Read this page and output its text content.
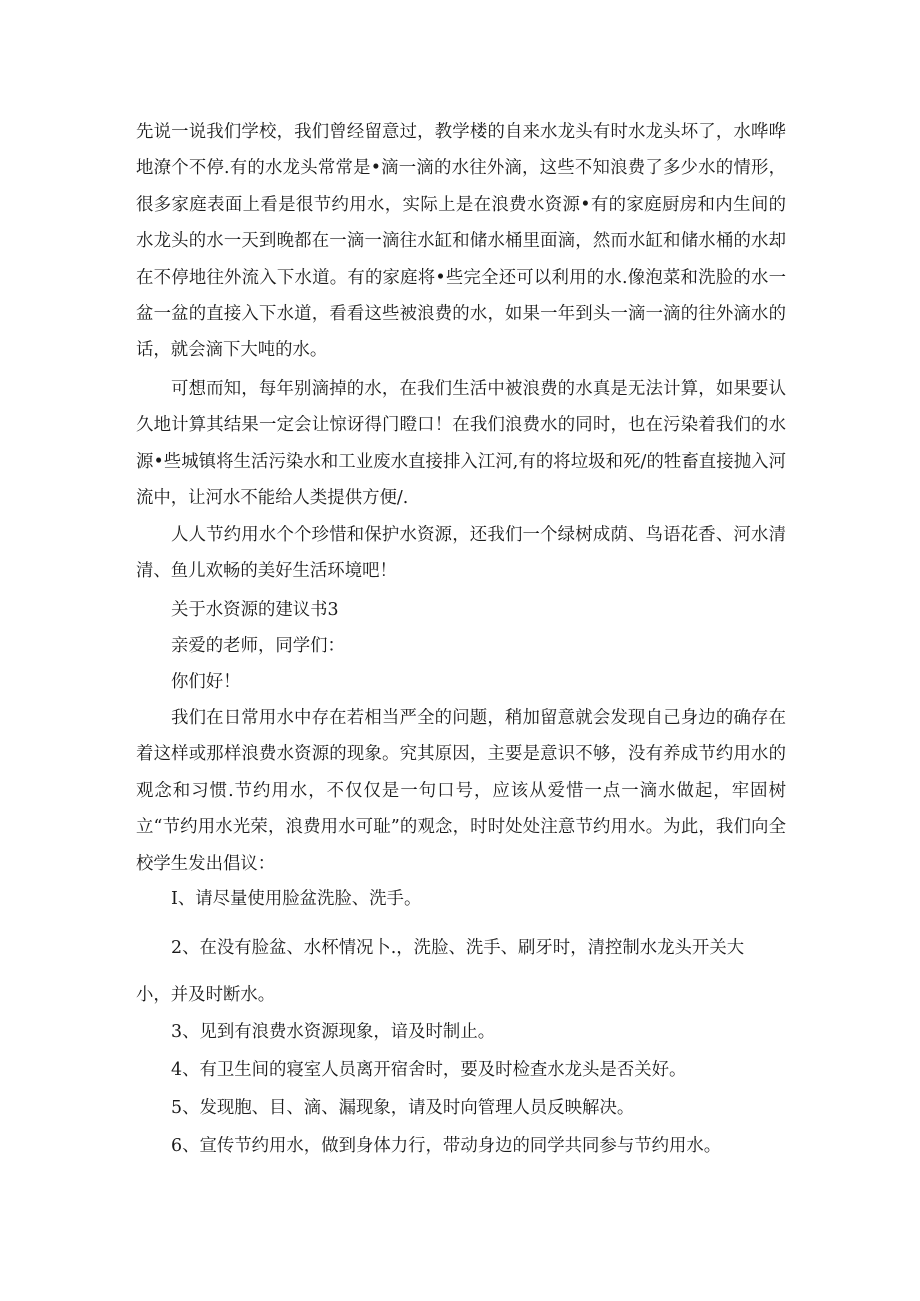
先说一说我们学校，我们曾经留意过，教学楼的自来水龙头有时水龙头坏了，水哗哗地潦个不停.有的水龙头常常是•滴一滴的水往外滴，这些不知浪费了多少水的情形，很多家庭表面上看是很节约用水，实际上是在浪费水资源•有的家庭厨房和内生间的水龙头的水一天到晚都在一滴一滴往水缸和储水桶里面滴，然而水缸和储水桶的水却在不停地往外流入下水道。有的家庭将•些完全还可以利用的水.像泡菜和洗脸的水一盆一盆的直接入下水道，看看这些被浪费的水，如果一年到头一滴一滴的往外滴水的话，就会滴下大吨的水。

可想而知，每年别滴掉的水，在我们生活中被浪费的水真是无法计算，如果要认久地计算其结果一定会让惊讶得门瞪口！在我们浪费水的同时，也在污染着我们的水源•些城镇将生活污染水和工业废水直接排入江河,有的将垃圾和死/的牲畜直接抛入河流中，让河水不能给人类提供方便/.

人人节约用水个个珍惜和保护水资源，还我们一个绿树成荫、鸟语花香、河水清清、鱼儿欢畅的美好生活环境吧！

关于水资源的建议书3
亲爱的老师，同学们：
你们好！

我们在日常用水中存在若相当严全的问题，稍加留意就会发现自己身边的确存在着这样或那样浪费水资源的现象。究其原因，主要是意识不够，没有养成节约用水的观念和习惯.节约用水，不仅仅是一句口号，应该从爱惜一点一滴水做起，牢固树立“节约用水光荣，浪费用水可耻”的观念，时时处处注意节约用水。为此，我们向全校学生发出倡议：

I、请尽量使用脸盆洗脸、洗手。
2、在没有脸盆、水杯情况卜.，洗脸、洗手、刷牙时，清控制水龙头开关大
小，并及时断水。
3、见到有浪费水资源现象，谙及时制止。
4、有卫生间的寝室人员离开宿舍时，要及时检查水龙头是否关好。
5、发现胞、目、滴、漏现象，请及时向管理人员反映解决。
6、宣传节约用水，做到身体力行，带动身边的同学共同参与节约用水。
